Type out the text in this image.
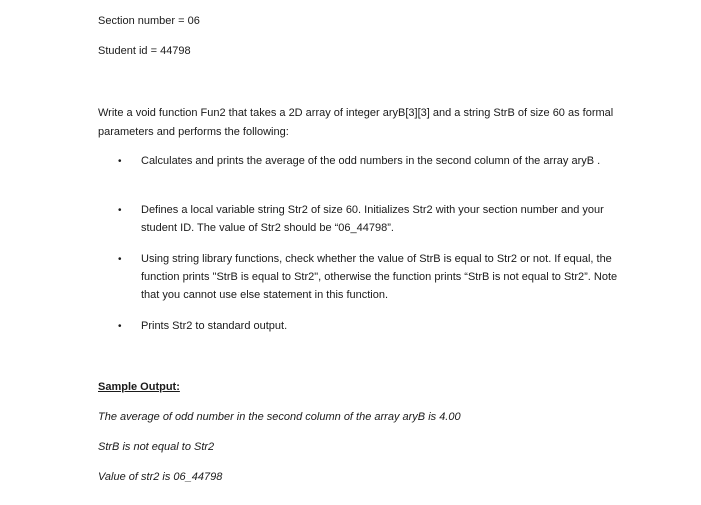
Section number = 06
Student id = 44798
Write a void function Fun2 that takes a 2D array of integer aryB[3][3] and a string StrB of size 60 as formal parameters and performs the following:
•	Calculates and prints the average of the odd numbers in the second column of the array aryB .
•	Defines a local variable string Str2 of size 60. Initializes Str2 with your section number and your student ID. The value of Str2 should be “06_44798”.
•	Using string library functions, check whether the value of StrB is equal to Str2 or not. If equal, the function prints "StrB is equal to Str2", otherwise the function prints “StrB is not equal to Str2”. Note that you cannot use else statement in this function.
•	Prints Str2 to standard output.
Sample Output:
The average of odd number in the second column of the array aryB is 4.00
StrB is not equal to Str2
Value of str2 is 06_44798
